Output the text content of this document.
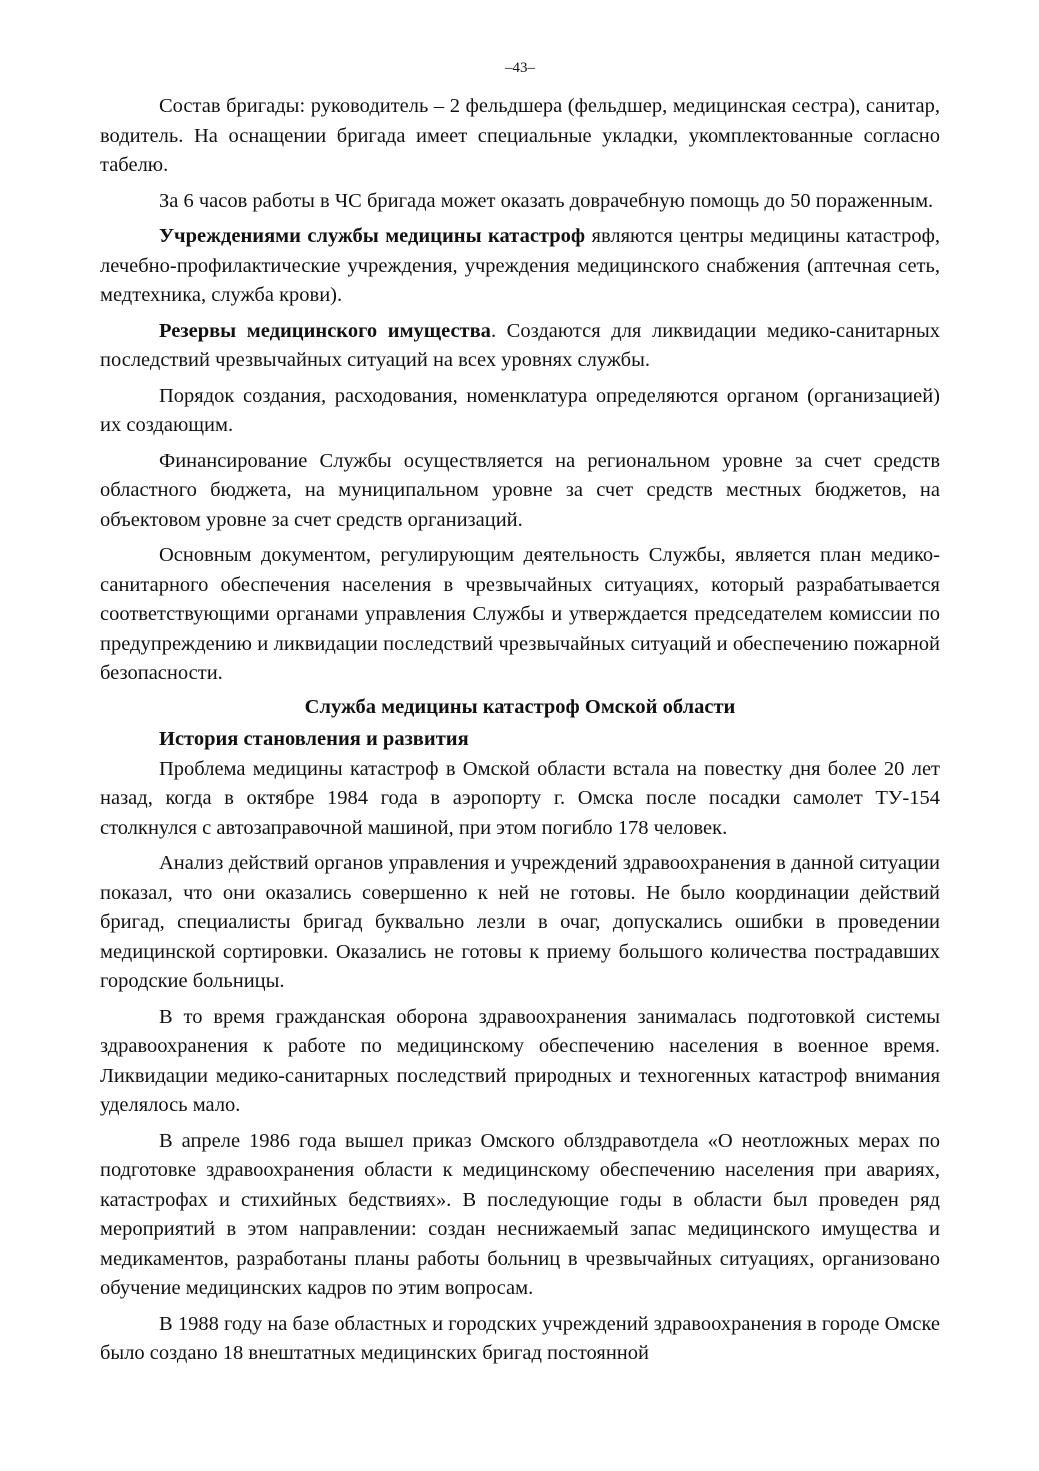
–43–

Состав бригады: руководитель – 2 фельдшера (фельдшер, медицинская сестра), санитар, водитель. На оснащении бригада имеет специальные укладки, укомплектованные согласно табелю.

За 6 часов работы в ЧС бригада может оказать доврачебную помощь до 50 пораженным.

Учреждениями службы медицины катастроф являются центры медицины катастроф, лечебно-профилактические учреждения, учреждения медицинского снабжения (аптечная сеть, медтехника, служба крови).

Резервы медицинского имущества. Создаются для ликвидации медико-санитарных последствий чрезвычайных ситуаций на всех уровнях службы.

Порядок создания, расходования, номенклатура определяются органом (организацией) их создающим.

Финансирование Службы осуществляется на региональном уровне за счет средств областного бюджета, на муниципальном уровне за счет средств местных бюджетов, на объектовом уровне за счет средств организаций.

Основным документом, регулирующим деятельность Службы, является план медико-санитарного обеспечения населения в чрезвычайных ситуациях, который разрабатывается соответствующими органами управления Службы и утверждается председателем комиссии по предупреждению и ликвидации последствий чрезвычайных ситуаций и обеспечению пожарной безопасности.

Служба медицины катастроф Омской области
История становления и развития

Проблема медицины катастроф в Омской области встала на повестку дня более 20 лет назад, когда в октябре 1984 года в аэропорту г. Омска после посадки самолет ТУ-154 столкнулся с автозаправочной машиной, при этом погибло 178 человек.

Анализ действий органов управления и учреждений здравоохранения в данной ситуации показал, что они оказались совершенно к ней не готовы. Не было координации действий бригад, специалисты бригад буквально лезли в очаг, допускались ошибки в проведении медицинской сортировки. Оказались не готовы к приему большого количества пострадавших городские больницы.

В то время гражданская оборона здравоохранения занималась подготовкой системы здравоохранения к работе по медицинскому обеспечению населения в военное время. Ликвидации медико-санитарных последствий природных и техногенных катастроф внимания уделялось мало.

В апреле 1986 года вышел приказ Омского облздравотдела «О неотложных мерах по подготовке здравоохранения области к медицинскому обеспечению населения при авариях, катастрофах и стихийных бедствиях». В последующие годы в области был проведен ряд мероприятий в этом направлении: создан неснижаемый запас медицинского имущества и медикаментов, разработаны планы работы больниц в чрезвычайных ситуациях, организовано обучение медицинских кадров по этим вопросам.

В 1988 году на базе областных и городских учреждений здравоохранения в городе Омске было создано 18 внештатных медицинских бригад постоянной
